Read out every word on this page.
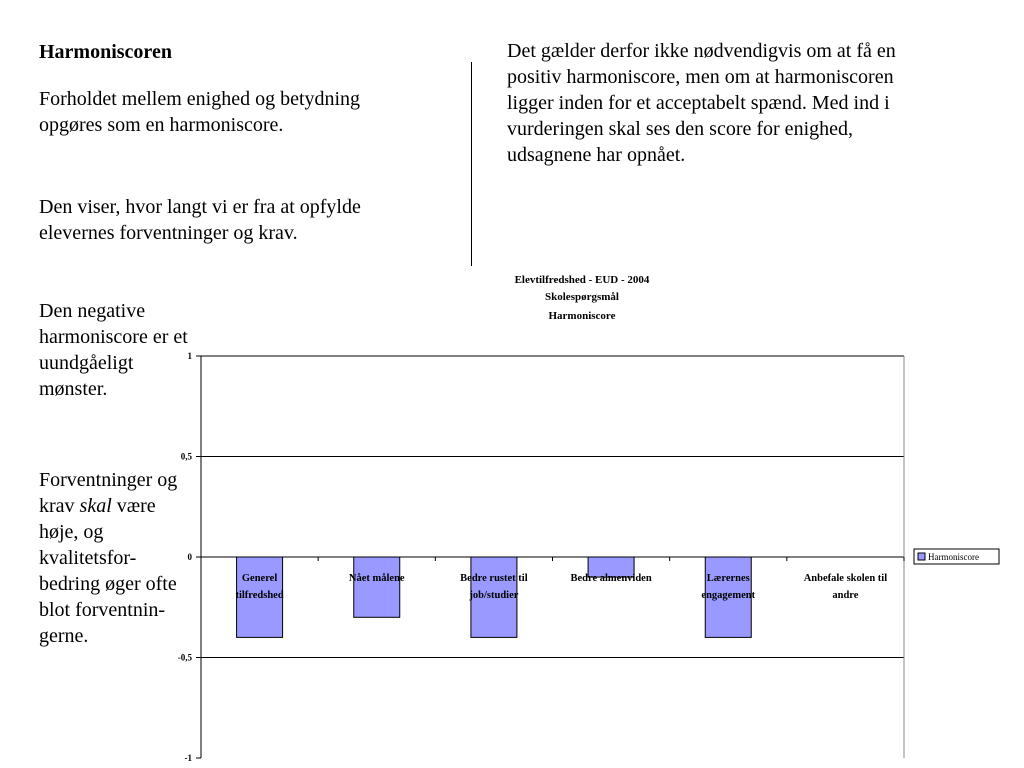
Harmoniscoren

Forholdet mellem enighed og betydning opgøres som en harmoniscore.

Den viser, hvor langt vi er fra at opfylde elevernes forventninger og krav.

Den negative harmoniscore er et uundgåeligt mønster.

Forventninger og krav skal være høje, og kvalitetsfor-bedring øger ofte blot forventnin-gerne.

Det gælder derfor ikke nødvendigvis om at få en positiv harmoniscore, men om at harmoniscoren ligger inden for et acceptabelt spænd. Med ind i vurderingen skal ses den score for enighed, udsagnene har opnået.

Elevtilfredshed - EUD - 2004
Skolespørgsmål
Harmoniscore
Generel
tilfredshed
Nået målene	Bedre rustet til
job/studier
Bedre almenviden	Lærernes
engagement
Anbefale skolen til
andre
1
0,5
0
-0,5
-1
Harmoniscore
